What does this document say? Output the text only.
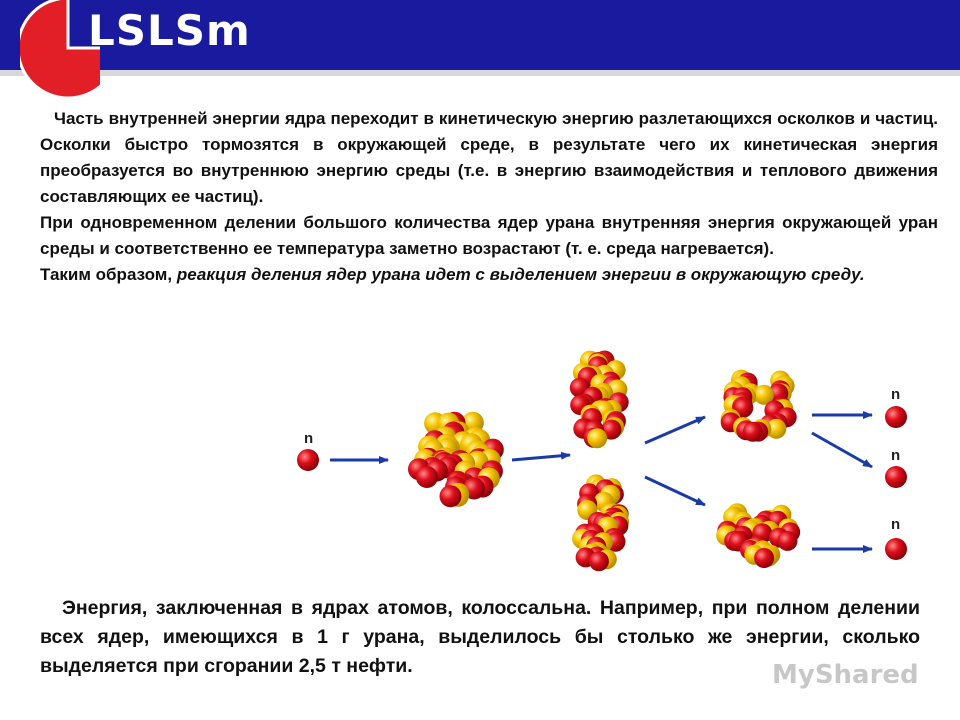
LSLSm

Часть внутренней энергии ядра переходит в кинетическую энергию разлетающихся осколков и частиц. Осколки быстро тормозятся в окружающей среде, в результате чего их кинетическая энергия преобразуется во внутреннюю энергию среды (т.е. в энергию взаимодействия и теплового движения составляющих ее частиц).

При одновременном делении большого количества ядер урана внутренняя энергия окружающей уран среды и соответственно ее температура заметно возрастают (т. е. среда нагревается).

Таким образом, реакция деления ядер урана идет с выделением энергии в окружающую среду.

n
n
n
n

Энергия, заключенная в ядрах атомов, колоссальна. Например, при полном делении всех ядер, имеющихся в 1 г урана, выделилось бы столько же энергии, сколько выделяется при сгорании 2,5 т нефти.	MyShared
